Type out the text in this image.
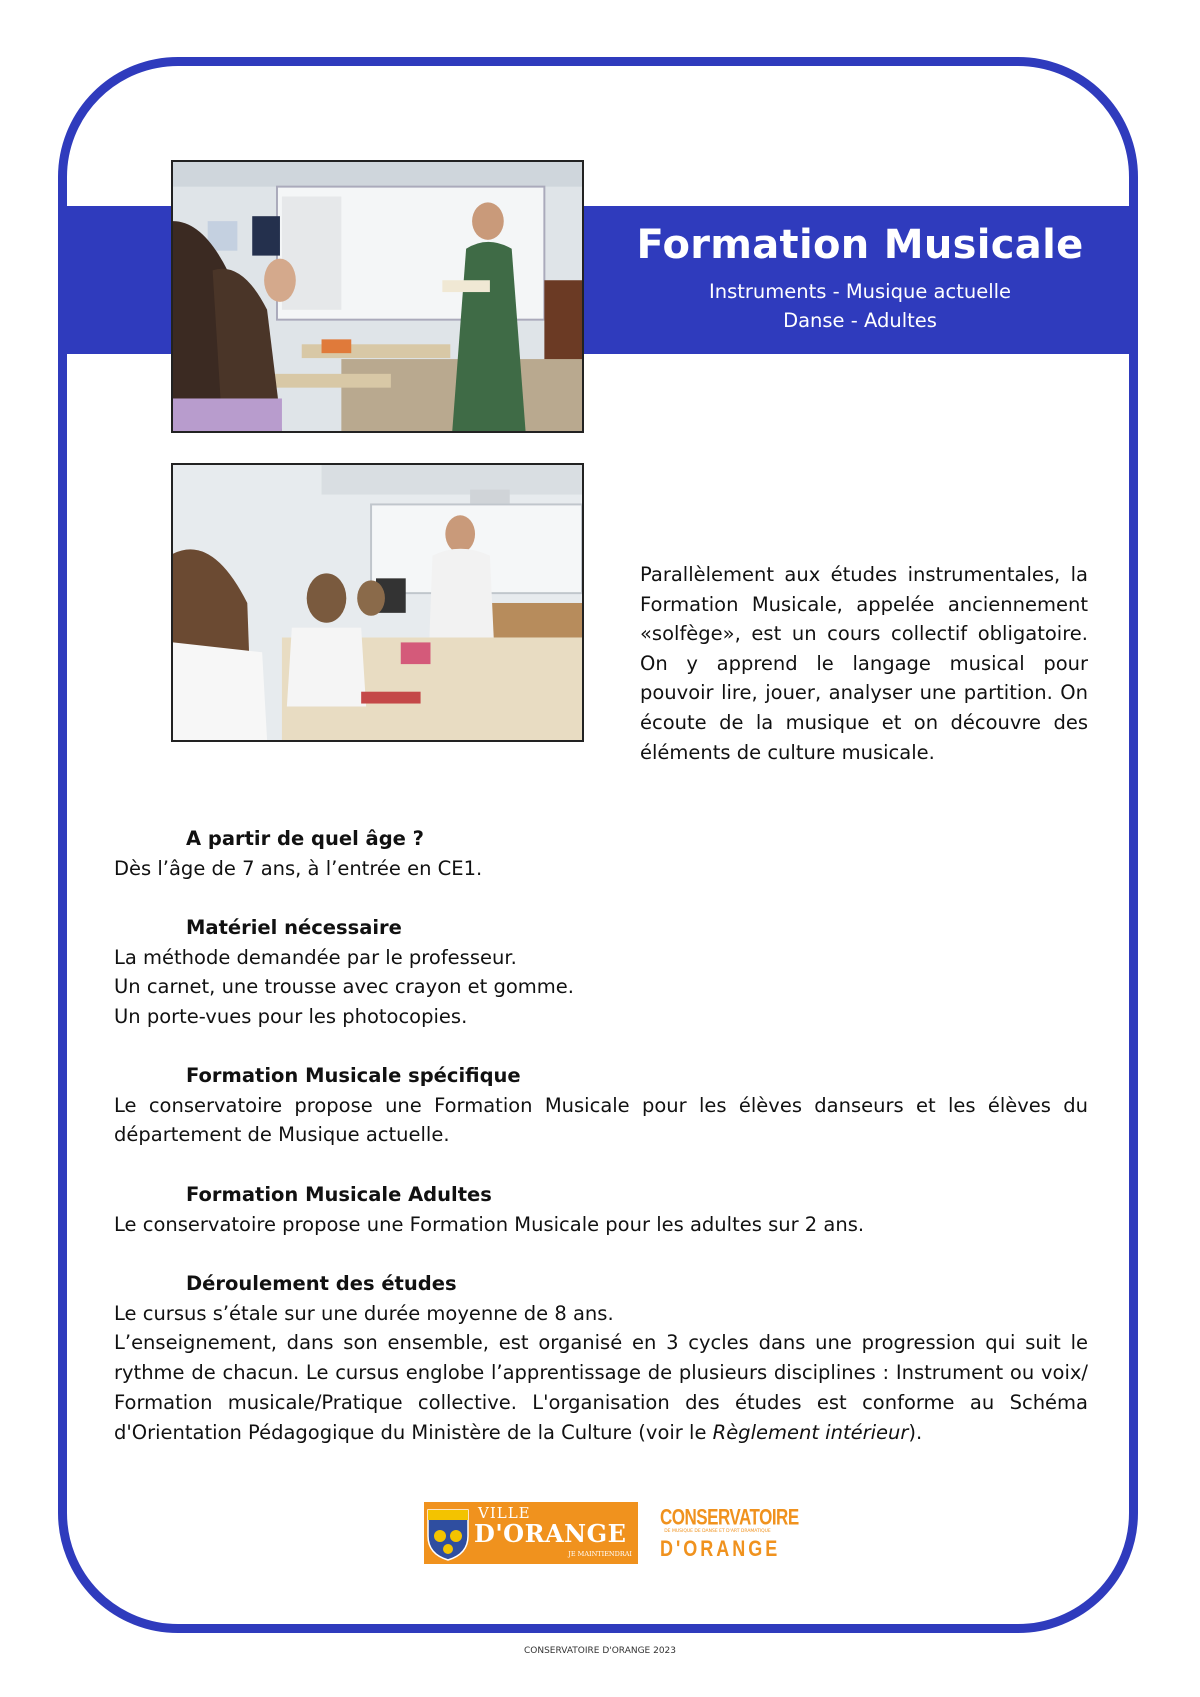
Formation Musicale
Instruments - Musique actuelle
Danse - Adultes
Parallèlement aux études instrumentales, la Formation Musicale, appelée anciennement «solfège», est un cours collectif obligatoire. On y apprend le langage musical pour pouvoir lire, jouer, analyser une partition. On écoute de la musique et on découvre des éléments de culture musicale.
A partir de quel âge ?

Dès l’âge de 7 ans, à l’entrée en CE1.

Matériel nécessaire

La méthode demandée par le professeur.
Un carnet, une trousse avec crayon et gomme.
Un porte-vues pour les photocopies.

Formation Musicale spécifique

Le conservatoire propose une Formation Musicale pour les élèves danseurs et les élèves du département de Musique actuelle.

Formation Musicale Adultes

Le conservatoire propose une Formation Musicale pour les adultes sur 2 ans.

Déroulement des études

Le cursus s’étale sur une durée moyenne de 8 ans.
L’enseignement, dans son ensemble, est organisé en 3 cycles dans une progression qui suit le rythme de chacun. Le cursus englobe l’apprentissage de plusieurs disciplines : Instrument ou voix/ Formation musicale/Pratique collective. L'organisation des études est conforme au Schéma d'Orientation Pédagogique du Ministère de la Culture (voir le Règlement intérieur).

VILLE
D'ORANGE
JE MAINTIENDRAI
CONSERVATOIRE
DE MUSIQUE DE DANSE ET D'ART DRAMATIQUE
D'ORANGE
CONSERVATOIRE D'ORANGE 2023
